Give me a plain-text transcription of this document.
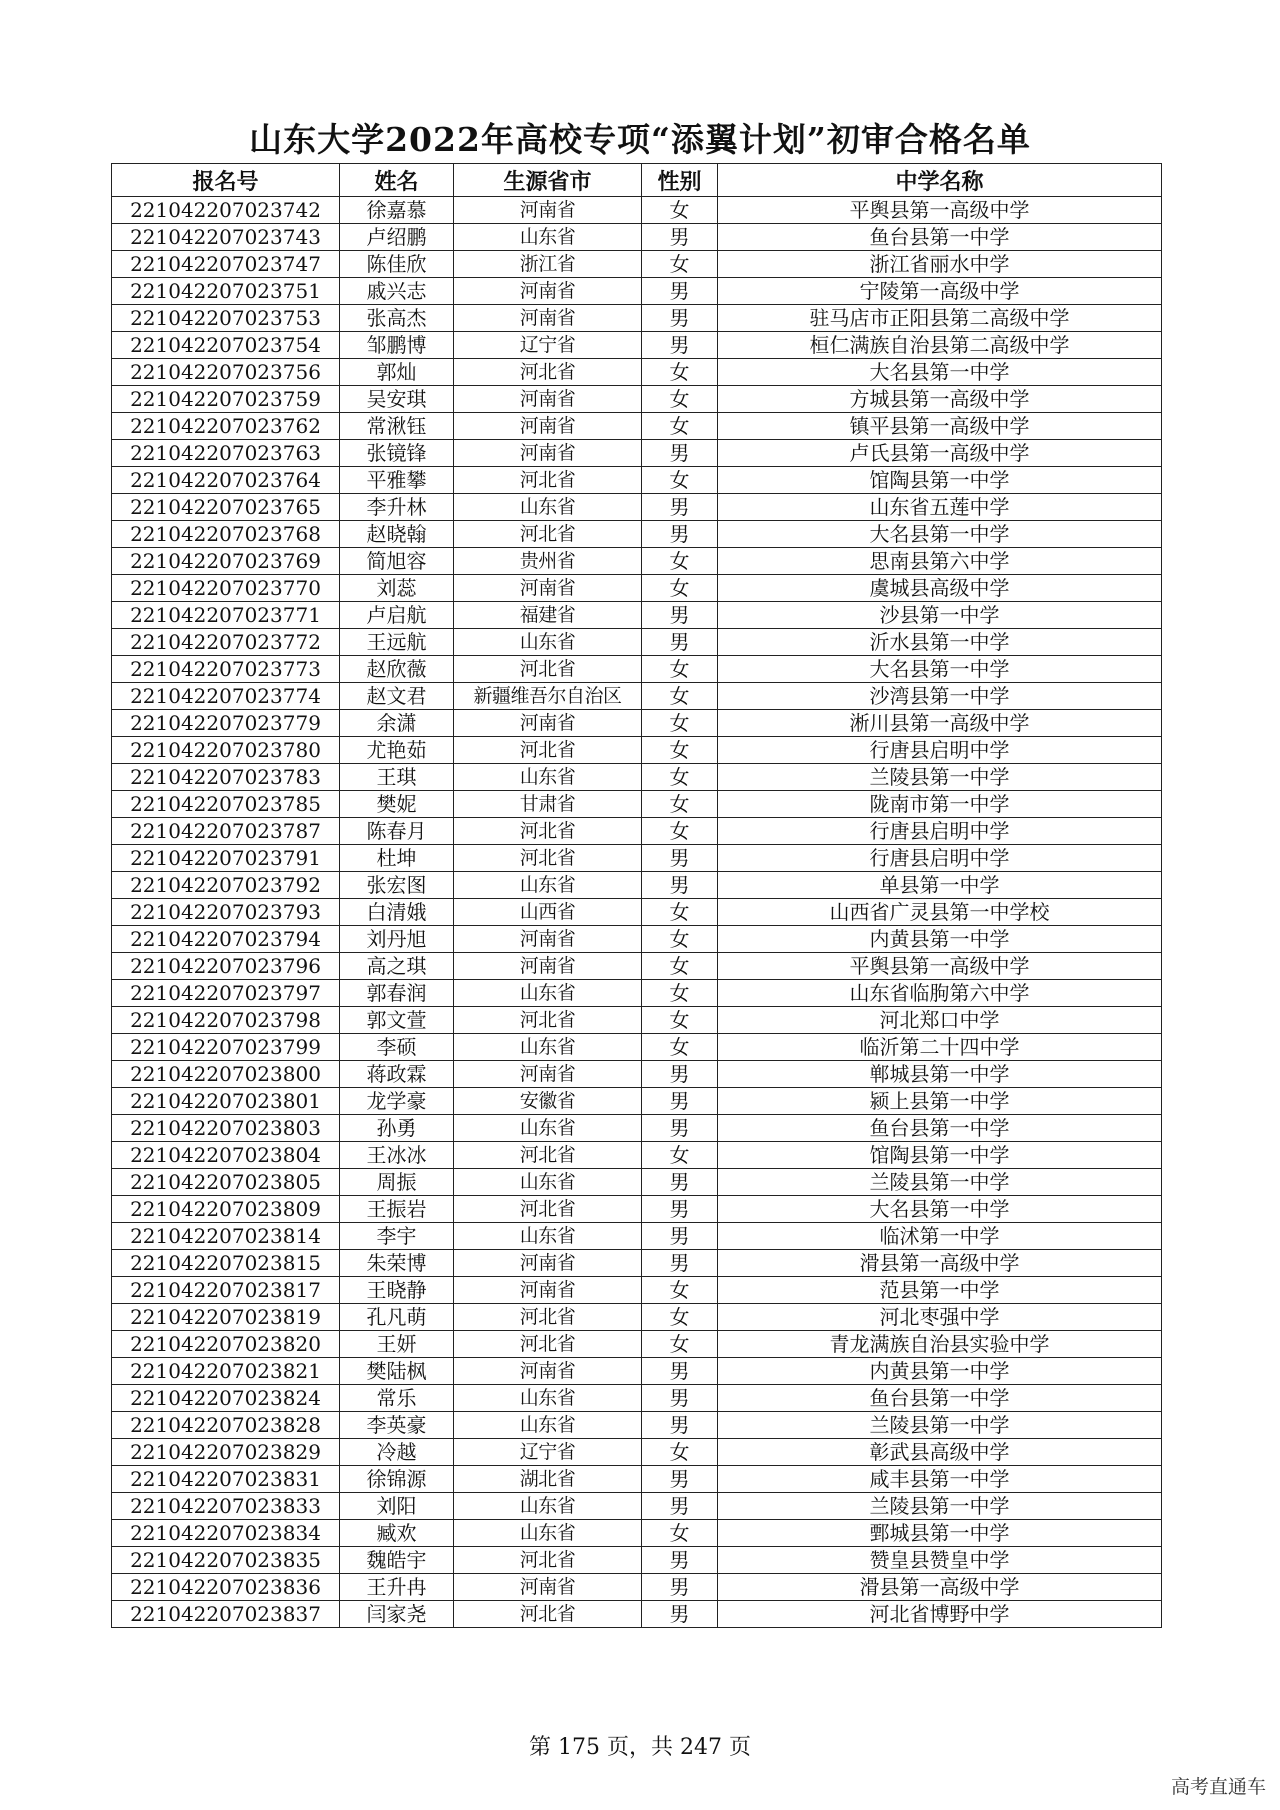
山东大学2022年高校专项“添翼计划”初审合格名单
报名号	姓名	生源省市	性别	中学名称
221042207023742	徐嘉慕	河南省	女	平舆县第一高级中学
221042207023743	卢绍鹏	山东省	男	鱼台县第一中学
221042207023747	陈佳欣	浙江省	女	浙江省丽水中学
221042207023751	戚兴志	河南省	男	宁陵第一高级中学
221042207023753	张高杰	河南省	男	驻马店市正阳县第二高级中学
221042207023754	邹鹏博	辽宁省	男	桓仁满族自治县第二高级中学
221042207023756	郭灿	河北省	女	大名县第一中学
221042207023759	吴安琪	河南省	女	方城县第一高级中学
221042207023762	常湫钰	河南省	女	镇平县第一高级中学
221042207023763	张镜锋	河南省	男	卢氏县第一高级中学
221042207023764	平雅攀	河北省	女	馆陶县第一中学
221042207023765	李升林	山东省	男	山东省五莲中学
221042207023768	赵晓翰	河北省	男	大名县第一中学
221042207023769	简旭容	贵州省	女	思南县第六中学
221042207023770	刘蕊	河南省	女	虞城县高级中学
221042207023771	卢启航	福建省	男	沙县第一中学
221042207023772	王远航	山东省	男	沂水县第一中学
221042207023773	赵欣薇	河北省	女	大名县第一中学
221042207023774	赵文君	新疆维吾尔自治区	女	沙湾县第一中学
221042207023779	余潇	河南省	女	淅川县第一高级中学
221042207023780	尤艳茹	河北省	女	行唐县启明中学
221042207023783	王琪	山东省	女	兰陵县第一中学
221042207023785	樊妮	甘肃省	女	陇南市第一中学
221042207023787	陈春月	河北省	女	行唐县启明中学
221042207023791	杜坤	河北省	男	行唐县启明中学
221042207023792	张宏图	山东省	男	单县第一中学
221042207023793	白清娥	山西省	女	山西省广灵县第一中学校
221042207023794	刘丹旭	河南省	女	内黄县第一中学
221042207023796	高之琪	河南省	女	平舆县第一高级中学
221042207023797	郭春润	山东省	女	山东省临朐第六中学
221042207023798	郭文萱	河北省	女	河北郑口中学
221042207023799	李硕	山东省	女	临沂第二十四中学
221042207023800	蒋政霖	河南省	男	郸城县第一中学
221042207023801	龙学豪	安徽省	男	颍上县第一中学
221042207023803	孙勇	山东省	男	鱼台县第一中学
221042207023804	王冰冰	河北省	女	馆陶县第一中学
221042207023805	周振	山东省	男	兰陵县第一中学
221042207023809	王振岩	河北省	男	大名县第一中学
221042207023814	李宇	山东省	男	临沭第一中学
221042207023815	朱荣博	河南省	男	滑县第一高级中学
221042207023817	王晓静	河南省	女	范县第一中学
221042207023819	孔凡萌	河北省	女	河北枣强中学
221042207023820	王妍	河北省	女	青龙满族自治县实验中学
221042207023821	樊陆枫	河南省	男	内黄县第一中学
221042207023824	常乐	山东省	男	鱼台县第一中学
221042207023828	李英豪	山东省	男	兰陵县第一中学
221042207023829	冷越	辽宁省	女	彰武县高级中学
221042207023831	徐锦源	湖北省	男	咸丰县第一中学
221042207023833	刘阳	山东省	男	兰陵县第一中学
221042207023834	臧欢	山东省	女	鄄城县第一中学
221042207023835	魏皓宇	河北省	男	赞皇县赞皇中学
221042207023836	王升冉	河南省	男	滑县第一高级中学
221042207023837	闫家尧	河北省	男	河北省博野中学

第 175 页，共 247 页

高考直通车
